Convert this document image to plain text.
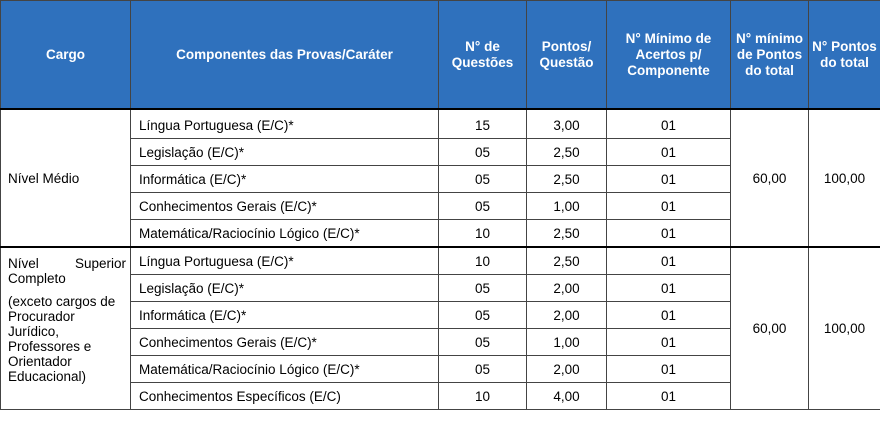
Cargo	Componentes das Provas/Caráter	N° de Questões	Pontos/ Questão	N° Mínimo de Acertos p/ Componente	N° mínimo de Pontos do total	N° Pontos do total
Nível Médio	Língua Portuguesa (E/C)*	15	3,00	01	60,00	100,00
	Legislação (E/C)*	05	2,50	01		
	Informática (E/C)*	05	2,50	01		
	Conhecimentos Gerais (E/C)*	05	1,00	01		
	Matemática/Raciocínio Lógico (E/C)*	10	2,50	01		

Nível Superior Completo
(exceto cargos de Procurador Jurídico, Professores e Orientador Educacional)	Língua Portuguesa (E/C)*	10	2,50	01	60,00	100,00
	Legislação (E/C)*	05	2,00	01		
	Informática (E/C)*	05	2,00	01		
	Conhecimentos Gerais (E/C)*	05	1,00	01		
	Matemática/Raciocínio Lógico (E/C)*	05	2,00	01		
	Conhecimentos Específicos (E/C)	10	4,00	01		
